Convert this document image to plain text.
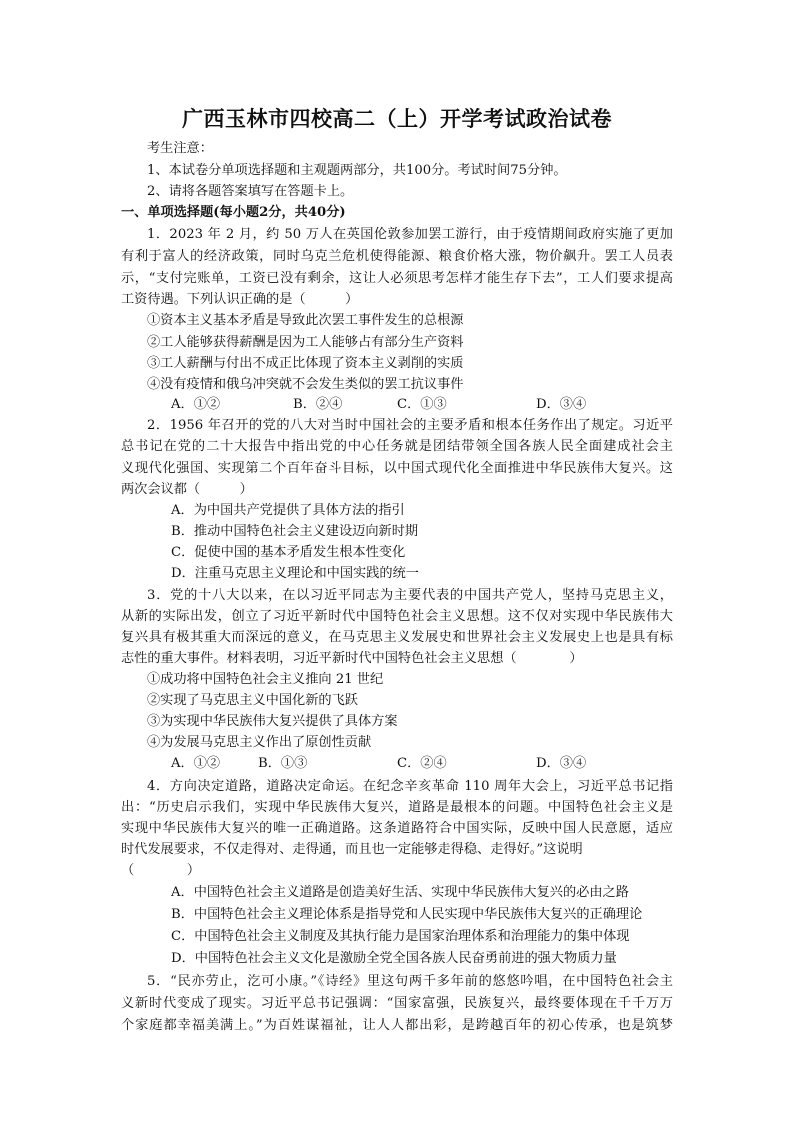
广西玉林市四校高二（上）开学考试政治试卷
考生注意：
1、本试卷分单项选择题和主观题两部分，共100分。考试时间75分钟。
2、请将各题答案填写在答题卡上。
一、单项选择题(每小题2分，共40分)
1．2023 年 2 月，约 50 万人在英国伦敦参加罢工游行，由于疫情期间政府实施了更加
有利于富人的经济政策，同时乌克兰危机使得能源、粮食价格大涨，物价飙升。罢工人员表
示，“支付完账单，工资已没有剩余，这让人必须思考怎样才能生存下去”，工人们要求提高
工资待遇。下列认识正确的是（　　　）
①资本主义基本矛盾是导致此次罢工事件发生的总根源
②工人能够获得薪酬是因为工人能够占有部分生产资料
③工人薪酬与付出不成正比体现了资本主义剥削的实质
④没有疫情和俄乌冲突就不会发生类似的罢工抗议事件
A．①②	B．②④	C．①③	D．③④
2．1956 年召开的党的八大对当时中国社会的主要矛盾和根本任务作出了规定。习近平
总书记在党的二十大报告中指出党的中心任务就是团结带领全国各族人民全面建成社会主
义现代化强国、实现第二个百年奋斗目标，以中国式现代化全面推进中华民族伟大复兴。这
两次会议都（　　　）
A．为中国共产党提供了具体方法的指引
B．推动中国特色社会主义建设迈向新时期
C．促使中国的基本矛盾发生根本性变化
D．注重马克思主义理论和中国实践的统一
3．党的十八大以来，在以习近平同志为主要代表的中国共产党人，坚持马克思主义，
从新的实际出发，创立了习近平新时代中国特色社会主义思想。这不仅对实现中华民族伟大
复兴具有极其重大而深远的意义，在马克思主义发展史和世界社会主义发展史上也是具有标
志性的重大事件。材料表明，习近平新时代中国特色社会主义思想（　　　　）
①成功将中国特色社会主义推向 21 世纪
②实现了马克思主义中国化新的飞跃
③为实现中华民族伟大复兴提供了具体方案
④为发展马克思主义作出了原创性贡献
A．①②	B．①③	C．②④	D．③④
4．方向决定道路，道路决定命运。在纪念辛亥革命 110 周年大会上，习近平总书记指
出：“历史启示我们，实现中华民族伟大复兴，道路是最根本的问题。中国特色社会主义是
实现中华民族伟大复兴的唯一正确道路。这条道路符合中国实际，反映中国人民意愿，适应
时代发展要求，不仅走得对、走得通，而且也一定能够走得稳、走得好。”这说明
（　　　　）
A．中国特色社会主义道路是创造美好生活、实现中华民族伟大复兴的必由之路
B．中国特色社会主义理论体系是指导党和人民实现中华民族伟大复兴的正确理论
C．中国特色社会主义制度及其执行能力是国家治理体系和治理能力的集中体现
D．中国特色社会主义文化是激励全党全国各族人民奋勇前进的强大物质力量
5．“民亦劳止，汔可小康。”《诗经》里这句两千多年前的悠悠吟唱，在中国特色社会主
义新时代变成了现实。习近平总书记强调：“国家富强，民族复兴，最终要体现在千千万万
个家庭都幸福美满上。”为百姓谋福祉，让人人都出彩，是跨越百年的初心传承，也是筑梦
